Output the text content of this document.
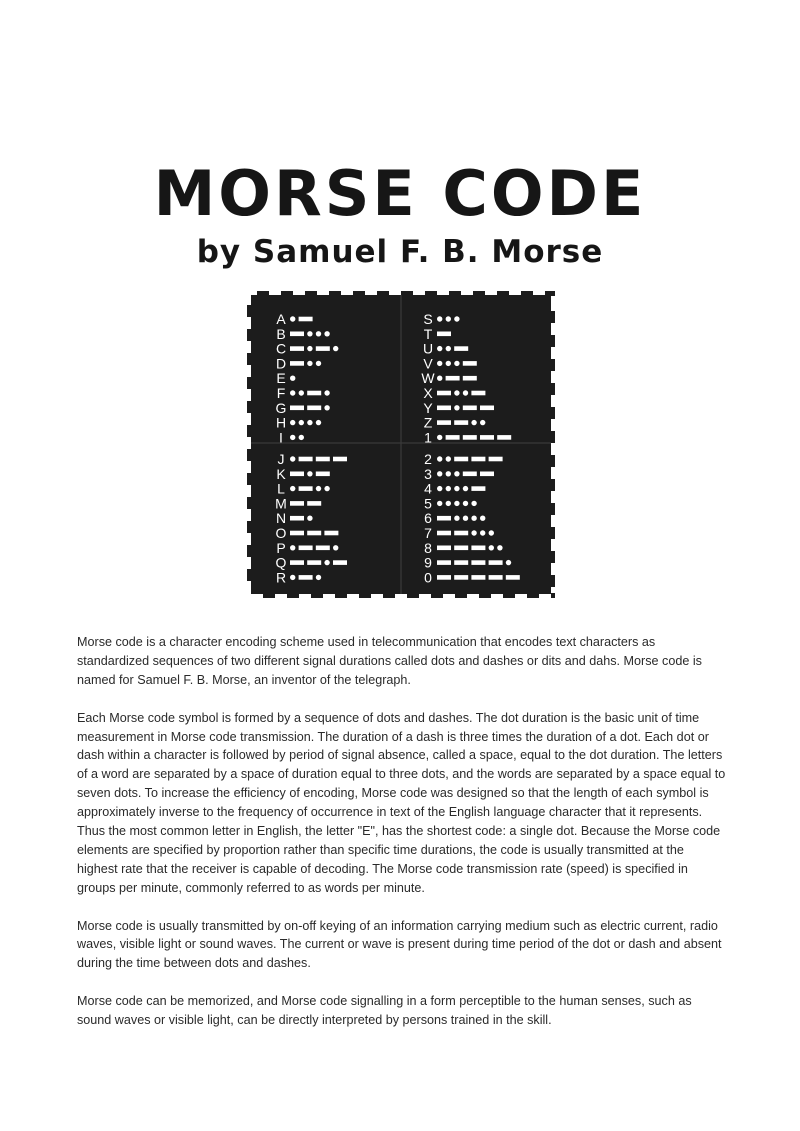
MORSE CODE
by Samuel F. B. Morse
A
B
C
D
E
F
G
H
I
S
T
U
V
W
X
Y
Z
1
J
K
L
M
N
O
P
Q
R
2
3
4
5
6
7
8
9
0

Morse code is a character encoding scheme used in telecommunication that encodes text characters as standardized sequences of two different signal durations called dots and dashes or dits and dahs. Morse code is named for Samuel F. B. Morse, an inventor of the telegraph.

Each Morse code symbol is formed by a sequence of dots and dashes. The dot duration is the basic unit of time measurement in Morse code transmission. The duration of a dash is three times the duration of a dot. Each dot or dash within a character is followed by period of signal absence, called a space, equal to the dot duration. The letters of a word are separated by a space of duration equal to three dots, and the words are separated by a space equal to seven dots. To increase the efficiency of encoding, Morse code was designed so that the length of each symbol is approximately inverse to the frequency of occurrence in text of the English language character that it represents. Thus the most common letter in English, the letter "E", has the shortest code: a single dot. Because the Morse code elements are specified by proportion rather than specific time durations, the code is usually transmitted at the highest rate that the receiver is capable of decoding. The Morse code transmission rate (speed) is specified in groups per minute, commonly referred to as words per minute.

Morse code is usually transmitted by on-off keying of an information carrying medium such as electric current, radio waves, visible light or sound waves. The current or wave is present during time period of the dot or dash and absent during the time between dots and dashes.

Morse code can be memorized, and Morse code signalling in a form perceptible to the human senses, such as sound waves or visible light, can be directly interpreted by persons trained in the skill.
